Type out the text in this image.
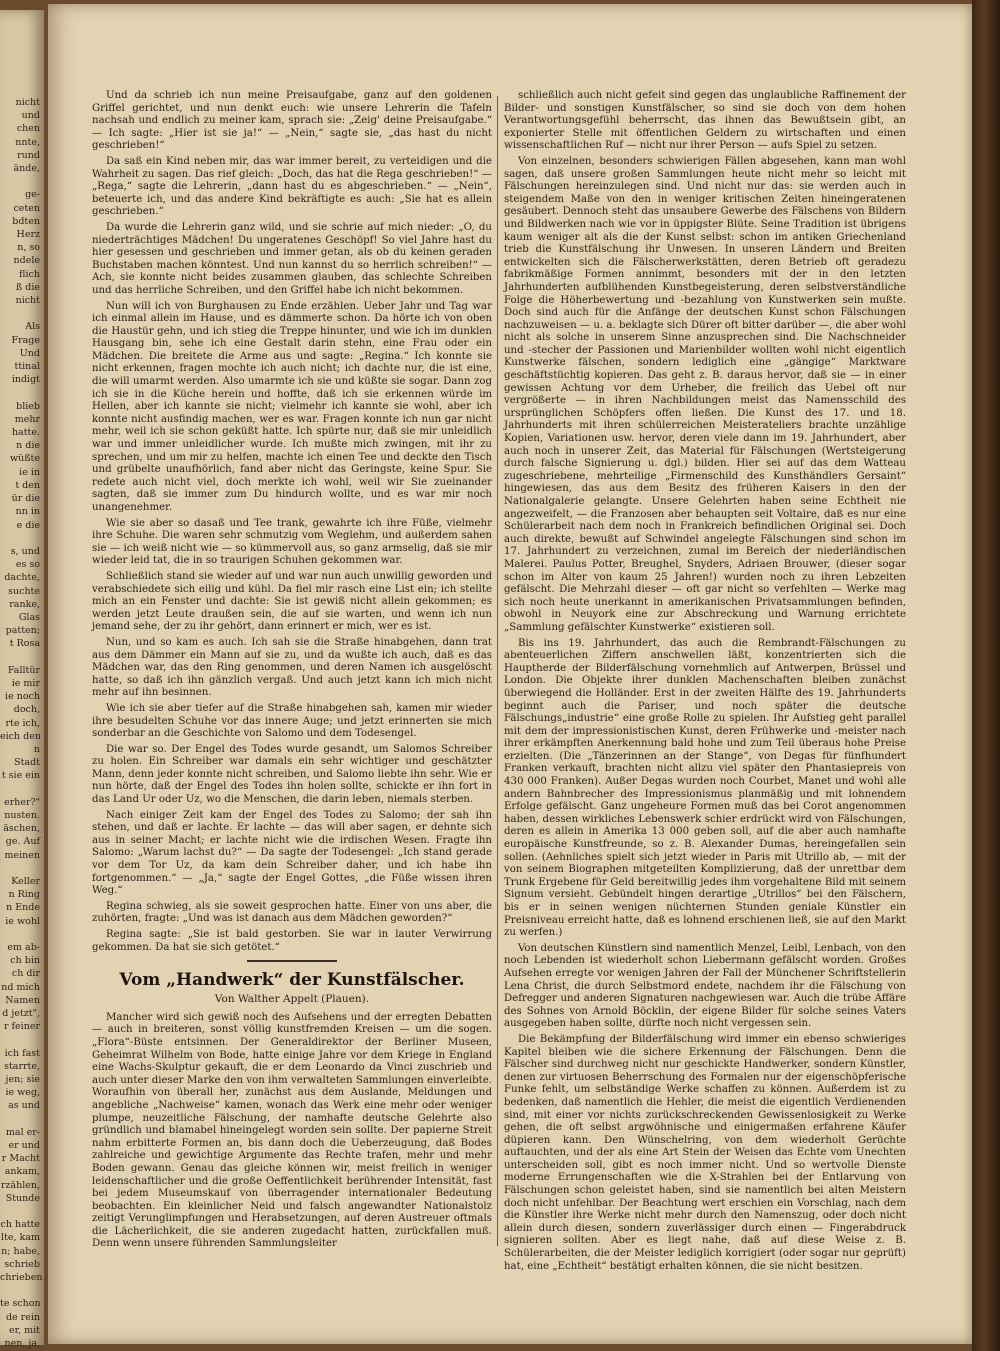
nicht
und
chen
nnte,
rund
ände,

ge-
ceten
bdten
Herz
n, so
ndele
flich
ß die
nicht

Als
Frage
Und
ttinal
indigt

blieb
mehr
hatte.
n die
wüßte
ie in
t den
ür die
nn in
e die

s, und
es so
dachte,
suchte
ranke,
Glas
patten;
t Rosa

Falltür
ie mir
ie noch
doch,
rte ich,
eich den
n
Stadt
t sie ein

erher?"
nusten.
äschen,
ge. Auf
meinen

Keller
n Ring
n Ende
ie wohl

em ab-
ch bin
ch dir
nd mich
Namen
d jetzt",
r feiner

ich fast
starrte,
jen; sie
ie weg,
as und

mal er-
er und
r Macht
ankam,
rzählen,
Stunde

ch hatte
lte, kam
n; habe,
schrieb
chrieben

te schon
de rein
er, mit
nen, ja,

Und da schrieb ich nun meine Preisaufgabe, ganz auf den goldenen Griffel gerichtet, und nun denkt euch: wie unsere Lehrerin die Tafeln nachsah und endlich zu meiner kam, sprach sie: „Zeig' deine Preisaufgabe.“ — Ich sagte: „Hier ist sie ja!“ — „Nein,“ sagte sie, „das hast du nicht geschrieben!“

Da saß ein Kind neben mir, das war immer bereit, zu verteidigen und die Wahrheit zu sagen. Das rief gleich: „Doch, das hat die Rega geschrieben!“ — „Rega,“ sagte die Lehrerin, „dann hast du es abgeschrieben.“ — „Nein“, beteuerte ich, und das andere Kind bekräftigte es auch: „Sie hat es allein geschrieben.“

Da wurde die Lehrerin ganz wild, und sie schrie auf mich nieder: „O, du niederträchtiges Mädchen! Du ungeratenes Geschöpf! So viel Jahre hast du hier gesessen und geschrieben und immer getan, als ob du keinen geraden Buchstaben machen könntest. Und nun kannst du so herrlich schreiben!“ — Ach, sie konnte nicht beides zusammen glauben, das schlechte Schreiben und das herrliche Schreiben, und den Griffel habe ich nicht bekommen.

Nun will ich von Burghausen zu Ende erzählen. Ueber Jahr und Tag war ich einmal allein im Hause, und es dämmerte schon. Da hörte ich von oben die Haustür gehn, und ich stieg die Treppe hinunter, und wie ich im dunklen Hausgang bin, sehe ich eine Gestalt darin stehn, eine Frau oder ein Mädchen. Die breitete die Arme aus und sagte: „Regina.“ Ich konnte sie nicht erkennen, fragen mochte ich auch nicht; ich dachte nur, die ist eine, die will umarmt werden. Also umarmte ich sie und küßte sie sogar. Dann zog ich sie in die Küche herein und hoffte, daß ich sie erkennen würde im Hellen, aber ich kannte sie nicht; vielmehr ich kannte sie wohl, aber ich konnte nicht ausfindig machen, wer es war. Fragen konnte ich nun gar nicht mehr, weil ich sie schon geküßt hatte. Ich spürte nur, daß sie mir unleidlich war und immer unleidlicher wurde. Ich mußte mich zwingen, mit ihr zu sprechen, und um mir zu helfen, machte ich einen Tee und deckte den Tisch und grübelte unaufhörlich, fand aber nicht das Geringste, keine Spur. Sie redete auch nicht viel, doch merkte ich wohl, weil wir Sie zueinander sagten, daß sie immer zum Du hindurch wollte, und es war mir noch unangenehmer.

Wie sie aber so dasaß und Tee trank, gewahrte ich ihre Füße, vielmehr ihre Schuhe. Die waren sehr schmutzig vom Weglehm, und außerdem sahen sie — ich weiß nicht wie — so kümmervoll aus, so ganz armselig, daß sie mir wieder leid tat, die in so traurigen Schuhen gekommen war.

Schließlich stand sie wieder auf und war nun auch unwillig geworden und verabschiedete sich eilig und kühl. Da fiel mir rasch eine List ein; ich stellte mich an ein Fenster und dachte: Sie ist gewiß nicht allein gekommen; es werden jetzt Leute draußen sein, die auf sie warten, und wenn ich nun jemand sehe, der zu ihr gehört, dann erinnert er mich, wer es ist.

Nun, und so kam es auch. Ich sah sie die Straße hinabgehen, dann trat aus dem Dämmer ein Mann auf sie zu, und da wußte ich auch, daß es das Mädchen war, das den Ring genommen, und deren Namen ich ausgelöscht hatte, so daß ich ihn gänzlich vergaß. Und auch jetzt kann ich mich nicht mehr auf ihn besinnen.

Wie ich sie aber tiefer auf die Straße hinabgehen sah, kamen mir wieder ihre besudelten Schuhe vor das innere Auge; und jetzt erinnerten sie mich sonderbar an die Geschichte von Salomo und dem Todesengel.

Die war so. Der Engel des Todes wurde gesandt, um Salomos Schreiber zu holen. Ein Schreiber war damals ein sehr wichtiger und geschätzter Mann, denn jeder konnte nicht schreiben, und Salomo liebte ihn sehr. Wie er nun hörte, daß der Engel des Todes ihn holen sollte, schickte er ihn fort in das Land Ur oder Uz, wo die Menschen, die darin leben, niemals sterben.

Nach einiger Zeit kam der Engel des Todes zu Salomo; der sah ihn stehen, und daß er lachte. Er lachte — das will aber sagen, er dehnte sich aus in seiner Macht; er lachte nicht wie die irdischen Wesen. Fragte ihn Salomo: „Warum lachst du?“ — Da sagte der Todesengel: „Ich stand gerade vor dem Tor Uz, da kam dein Schreiber daher, und ich habe ihn fortgenommen.“ — „Ja,“ sagte der Engel Gottes, „die Füße wissen ihren Weg.“

Regina schwieg, als sie soweit gesprochen hatte. Einer von uns aber, die zuhörten, fragte: „Und was ist danach aus dem Mädchen geworden?“

Regina sagte: „Sie ist bald gestorben. Sie war in lauter Verwirrung gekommen. Da hat sie sich getötet.“

Vom „Handwerk“ der Kunstfälscher.
Von Walther Appelt (Plauen).

Mancher wird sich gewiß noch des Aufsehens und der erregten Debatten — auch in breiteren, sonst völlig kunstfremden Kreisen — um die sogen. „Flora“-Büste entsinnen. Der Generaldirektor der Berliner Museen, Geheimrat Wilhelm von Bode, hatte einige Jahre vor dem Kriege in England eine Wachs-Skulptur gekauft, die er dem Leonardo da Vinci zuschrieb und auch unter dieser Marke den von ihm verwalteten Sammlungen einverleibte. Woraufhin von überall her, zunächst aus dem Auslande, Meldungen und angebliche „Nachweise“ kamen, wonach das Werk eine mehr oder weniger plumpe, neuzeitliche Fälschung, der namhafte deutsche Gelehrte also gründlich und blamabel hineingelegt worden sein sollte. Der papierne Streit nahm erbitterte Formen an, bis dann doch die Ueberzeugung, daß Bodes zahlreiche und gewichtige Argumente das Rechte trafen, mehr und mehr Boden gewann. Genau das gleiche können wir, meist freilich in weniger leidenschaftlicher und die große Oeffentlichkeit berührender Intensität, fast bei jedem Museumskauf von überragender internationaler Bedeutung beobachten. Ein kleinlicher Neid und falsch angewandter Nationalstolz zeitigt Verunglimpfungen und Herabsetzungen, auf deren Austreuer oftmals die Lächerlichkeit, die sie anderen zugedacht hatten, zurückfallen muß. Denn wenn unsere führenden Sammlungsleiter

schließlich auch nicht gefeit sind gegen das unglaubliche Raffinement der Bilder- und sonstigen Kunstfälscher, so sind sie doch von dem hohen Verantwortungsgefühl beherrscht, das ihnen das Bewußtsein gibt, an exponierter Stelle mit öffentlichen Geldern zu wirtschaften und einen wissenschaftlichen Ruf — nicht nur ihrer Person — aufs Spiel zu setzen.

Von einzelnen, besonders schwierigen Fällen abgesehen, kann man wohl sagen, daß unsere großen Sammlungen heute nicht mehr so leicht mit Fälschungen hereinzulegen sind. Und nicht nur das: sie werden auch in steigendem Maße von den in weniger kritischen Zeiten hineingeratenen gesäubert. Dennoch steht das unsaubere Gewerbe des Fälschens von Bildern und Bildwerken nach wie vor in üppigster Blüte. Seine Tradition ist übrigens kaum weniger alt als die der Kunst selbst: schon im antiken Griechenland trieb die Kunstfälschung ihr Unwesen. In unseren Ländern und Breiten entwickelten sich die Fälscherwerkstätten, deren Betrieb oft geradezu fabrikmäßige Formen annimmt, besonders mit der in den letzten Jahrhunderten aufblühenden Kunstbegeisterung, deren selbstverständliche Folge die Höherbewertung und -bezahlung von Kunstwerken sein mußte. Doch sind auch für die Anfänge der deutschen Kunst schon Fälschungen nachzuweisen — u. a. beklagte sich Dürer oft bitter darüber —, die aber wohl nicht als solche in unserem Sinne anzusprechen sind. Die Nachschneider und -stecher der Passionen und Marienbilder wollten wohl nicht eigentlich Kunstwerke fälschen, sondern lediglich eine „gängige“ Marktware geschäftstüchtig kopieren. Das geht z. B. daraus hervor, daß sie — in einer gewissen Achtung vor dem Urheber, die freilich das Uebel oft nur vergrößerte — in ihren Nachbildungen meist das Namensschild des ursprünglichen Schöpfers offen ließen. Die Kunst des 17. und 18. Jahrhunderts mit ihren schülerreichen Meisterateliers brachte unzählige Kopien, Variationen usw. hervor, deren viele dann im 19. Jahrhundert, aber auch noch in unserer Zeit, das Material für Fälschungen (Wertsteigerung durch falsche Signierung u. dgl.) bilden. Hier sei auf das dem Watteau zugeschriebene, mehrteilige „Firmenschild des Kunsthändlers Gersaint“ hingewiesen, das aus dem Besitz des früheren Kaisers in den der Nationalgalerie gelangte. Unsere Gelehrten haben seine Echtheit nie angezweifelt, — die Franzosen aber behaupten seit Voltaire, daß es nur eine Schülerarbeit nach dem noch in Frankreich befindlichen Original sei. Doch auch direkte, bewußt auf Schwindel angelegte Fälschungen sind schon im 17. Jahrhundert zu verzeichnen, zumal im Bereich der niederländischen Malerei. Paulus Potter, Breughel, Snyders, Adriaen Brouwer, (dieser sogar schon im Alter von kaum 25 Jahren!) wurden noch zu ihren Lebzeiten gefälscht. Die Mehrzahl dieser — oft gar nicht so verfehlten — Werke mag sich noch heute unerkannt in amerikanischen Privatsammlungen befinden, obwohl in Neuyork eine zur Abschreckung und Warnung errichtete „Sammlung gefälschter Kunstwerke“ existieren soll.

Bis ins 19. Jahrhundert, das auch die Rembrandt-Fälschungen zu abenteuerlichen Ziffern anschwellen läßt, konzentrierten sich die Hauptherde der Bilderfälschung vornehmlich auf Antwerpen, Brüssel und London. Die Objekte ihrer dunklen Machenschaften bleiben zunächst überwiegend die Holländer. Erst in der zweiten Hälfte des 19. Jahrhunderts beginnt auch die Pariser, und noch später die deutsche Fälschungs„industrie“ eine große Rolle zu spielen. Ihr Aufstieg geht parallel mit dem der impressionistischen Kunst, deren Frühwerke und -meister nach ihrer erkämpften Anerkennung bald hohe und zum Teil überaus hohe Preise erzielten. (Die „Tänzerinnen an der Stange“, von Degas für fünfhundert Franken verkauft, brachten nicht allzu viel später den Phantasiepreis von 430 000 Franken). Außer Degas wurden noch Courbet, Manet und wohl alle andern Bahnbrecher des Impressionismus planmäßig und mit lohnendem Erfolge gefälscht. Ganz ungeheure Formen muß das bei Corot angenommen haben, dessen wirkliches Lebenswerk schier erdrückt wird von Fälschungen, deren es allein in Amerika 13 000 geben soll, auf die aber auch namhafte europäische Kunstfreunde, so z. B. Alexander Dumas, hereingefallen sein sollen. (Aehnliches spielt sich jetzt wieder in Paris mit Utrillo ab, — mit der von seinem Biographen mitgeteilten Komplizierung, daß der unrettbar dem Trunk Ergebene für Geld bereitwillig jedes ihm vorgehaltene Bild mit seinem Signum versieht. Gebündelt hingen derartige „Utrillos“ bei den Fälschern, bis er in seinen wenigen nüchternen Stunden geniale Künstler ein Preisniveau erreicht hatte, daß es lohnend erschienen ließ, sie auf den Markt zu werfen.)

Von deutschen Künstlern sind namentlich Menzel, Leibl, Lenbach, von den noch Lebenden ist wiederholt schon Liebermann gefälscht worden. Großes Aufsehen erregte vor wenigen Jahren der Fall der Münchener Schriftstellerin Lena Christ, die durch Selbstmord endete, nachdem ihr die Fälschung von Defregger und anderen Signaturen nachgewiesen war. Auch die trübe Affäre des Sohnes von Arnold Böcklin, der eigene Bilder für solche seines Vaters ausgegeben haben sollte, dürfte noch nicht vergessen sein.

Die Bekämpfung der Bilderfälschung wird immer ein ebenso schwieriges Kapitel bleiben wie die sichere Erkennung der Fälschungen. Denn die Fälscher sind durchweg nicht nur geschickte Handwerker, sondern Künstler, denen zur virtuosen Beherrschung des Formalen nur der eigenschöpferische Funke fehlt, um selbständige Werke schaffen zu können. Außerdem ist zu bedenken, daß namentlich die Hehler, die meist die eigentlich Verdienenden sind, mit einer vor nichts zurückschreckenden Gewissenlosigkeit zu Werke gehen, die oft selbst argwöhnische und einigermaßen erfahrene Käufer düpieren kann. Den Wünschelring, von dem wiederholt Gerüchte auftauchten, und der als eine Art Stein der Weisen das Echte vom Unechten unterscheiden soll, gibt es noch immer nicht. Und so wertvolle Dienste moderne Errungenschaften wie die X-Strahlen bei der Entlarvung von Fälschungen schon geleistet haben, sind sie namentlich bei alten Meistern doch nicht unfehlbar. Der Beachtung wert erschien ein Vorschlag, nach dem die Künstler ihre Werke nicht mehr durch den Namenszug, oder doch nicht allein durch diesen, sondern zuverlässiger durch einen — Fingerabdruck signieren sollten. Aber es liegt nahe, daß auf diese Weise z. B. Schülerarbeiten, die der Meister lediglich korrigiert (oder sogar nur geprüft) hat, eine „Echtheit“ bestätigt erhalten können, die sie nicht besitzen.
